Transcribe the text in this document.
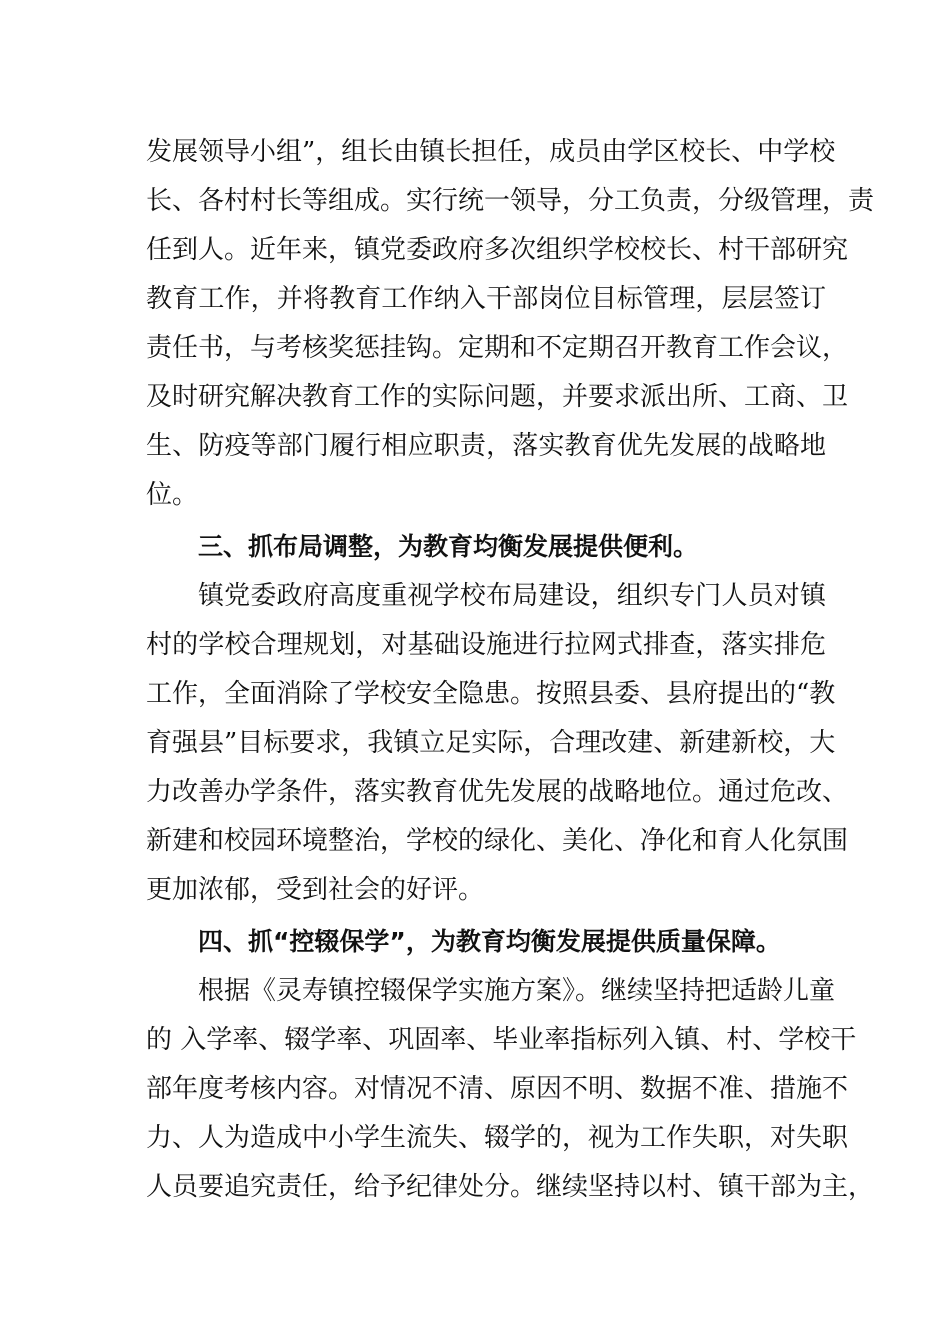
发展领导小组”，组长由镇长担任，成员由学区校长、中学校
长、各村村长等组成。实行统一领导，分工负责，分级管理，责
任到人。近年来，镇党委政府多次组织学校校长、村干部研究
教育工作，并将教育工作纳入干部岗位目标管理，层层签订
责任书，与考核奖惩挂钩。定期和不定期召开教育工作会议，
及时研究解决教育工作的实际问题，并要求派出所、工商、卫
生、防疫等部门履行相应职责，落实教育优先发展的战略地
位。
三、抓布局调整，为教育均衡发展提供便利。
镇党委政府高度重视学校布局建设，组织专门人员对镇
村的学校合理规划，对基础设施进行拉网式排查，落实排危
工作，全面消除了学校安全隐患。按照县委、县府提出的“教
育强县”目标要求，我镇立足实际，合理改建、新建新校，大
力改善办学条件，落实教育优先发展的战略地位。通过危改、
新建和校园环境整治，学校的绿化、美化、净化和育人化氛围
更加浓郁，受到社会的好评。
四、抓“控辍保学”，为教育均衡发展提供质量保障。
根据《灵寿镇控辍保学实施方案》。继续坚持把适龄儿童
的 入学率、辍学率、巩固率、毕业率指标列入镇、村、学校干
部年度考核内容。对情况不清、原因不明、数据不准、措施不
力、人为造成中小学生流失、辍学的，视为工作失职，对失职
人员要追究责任，给予纪律处分。继续坚持以村、镇干部为主，
